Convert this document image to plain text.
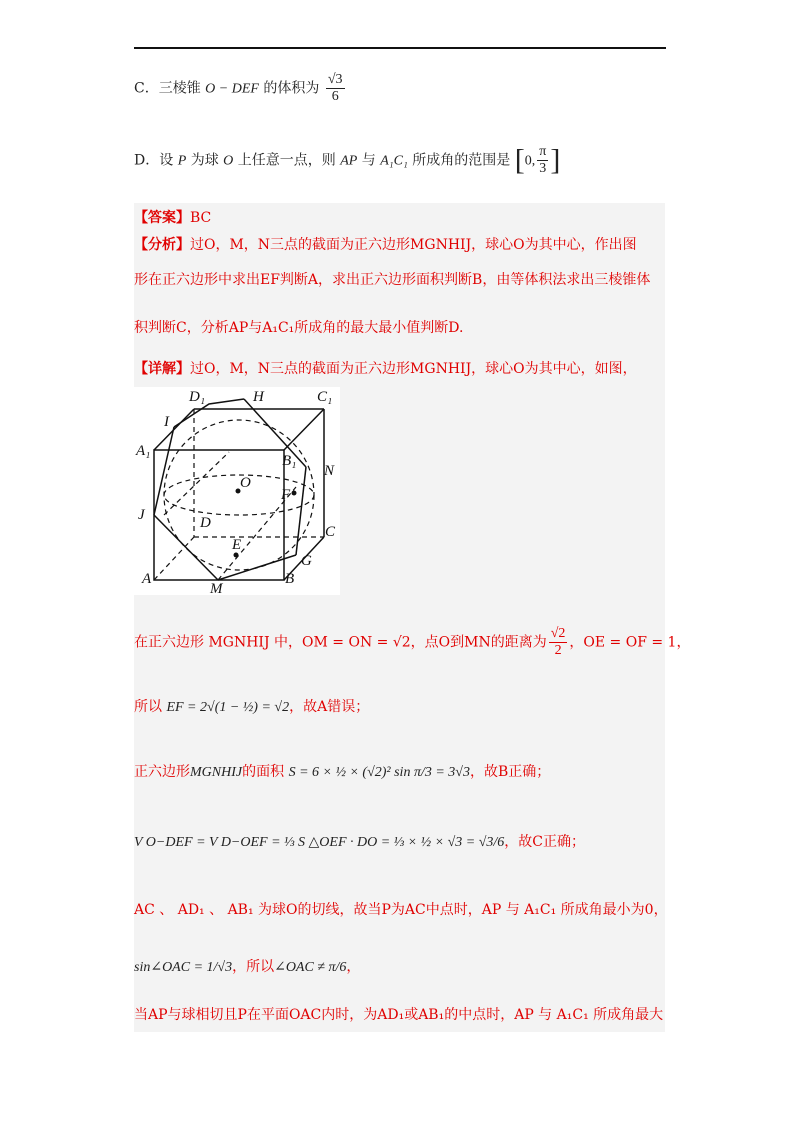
C．三棱锥 O − DEF 的体积为 $\frac{√3}{6}$
D．设 P 为球 O 上任意一点，则 AP 与 A₁C₁ 所成角的范围是 [0, $\frac{\pi}{3}$ ]
【答案】BC
【分析】过O，M，N三点的截面为正六边形MGNHIJ，球心O为其中心，作出图
形在正六边形中求出EF判断A，求出正六边形面积判断B，由等体积法求出三棱锥体
积判断C，分析AP与A₁C₁所成角的最大最小值判断D.
【详解】过O，M，N三点的截面为正六边形MGNHIJ，球心O为其中心，如图，
D₁	H	C₁
I
A₁
B₁
N
O
F
J	D
C
E
G
A
M
B
在正六边形 MGNHIJ 中，OM = ON = √2，点O到MN的距离为 $\frac{√2}{2}$ ，OE = OF = 1，
所以 EF = 2√(1 − ½) = √2，故A错误；
正六边形MGNHIJ的面积 S = 6 × ½ × (√2)² sin π/3 = 3√3，故B正确；
V O−DEF = V D−OEF = ⅓ S △OEF · DO = ⅓ × ½ × √3 = √3/6，故C正确；
AC 、 AD₁ 、 AB₁ 为球O的切线，故当P为AC中点时，AP 与 A₁C₁ 所成角最小为0，
sin∠OAC = 1/√3，所以∠OAC ≠ π/6，
当AP与球相切且P在平面OAC内时，为AD₁或AB₁的中点时，AP 与 A₁C₁ 所成角最大
